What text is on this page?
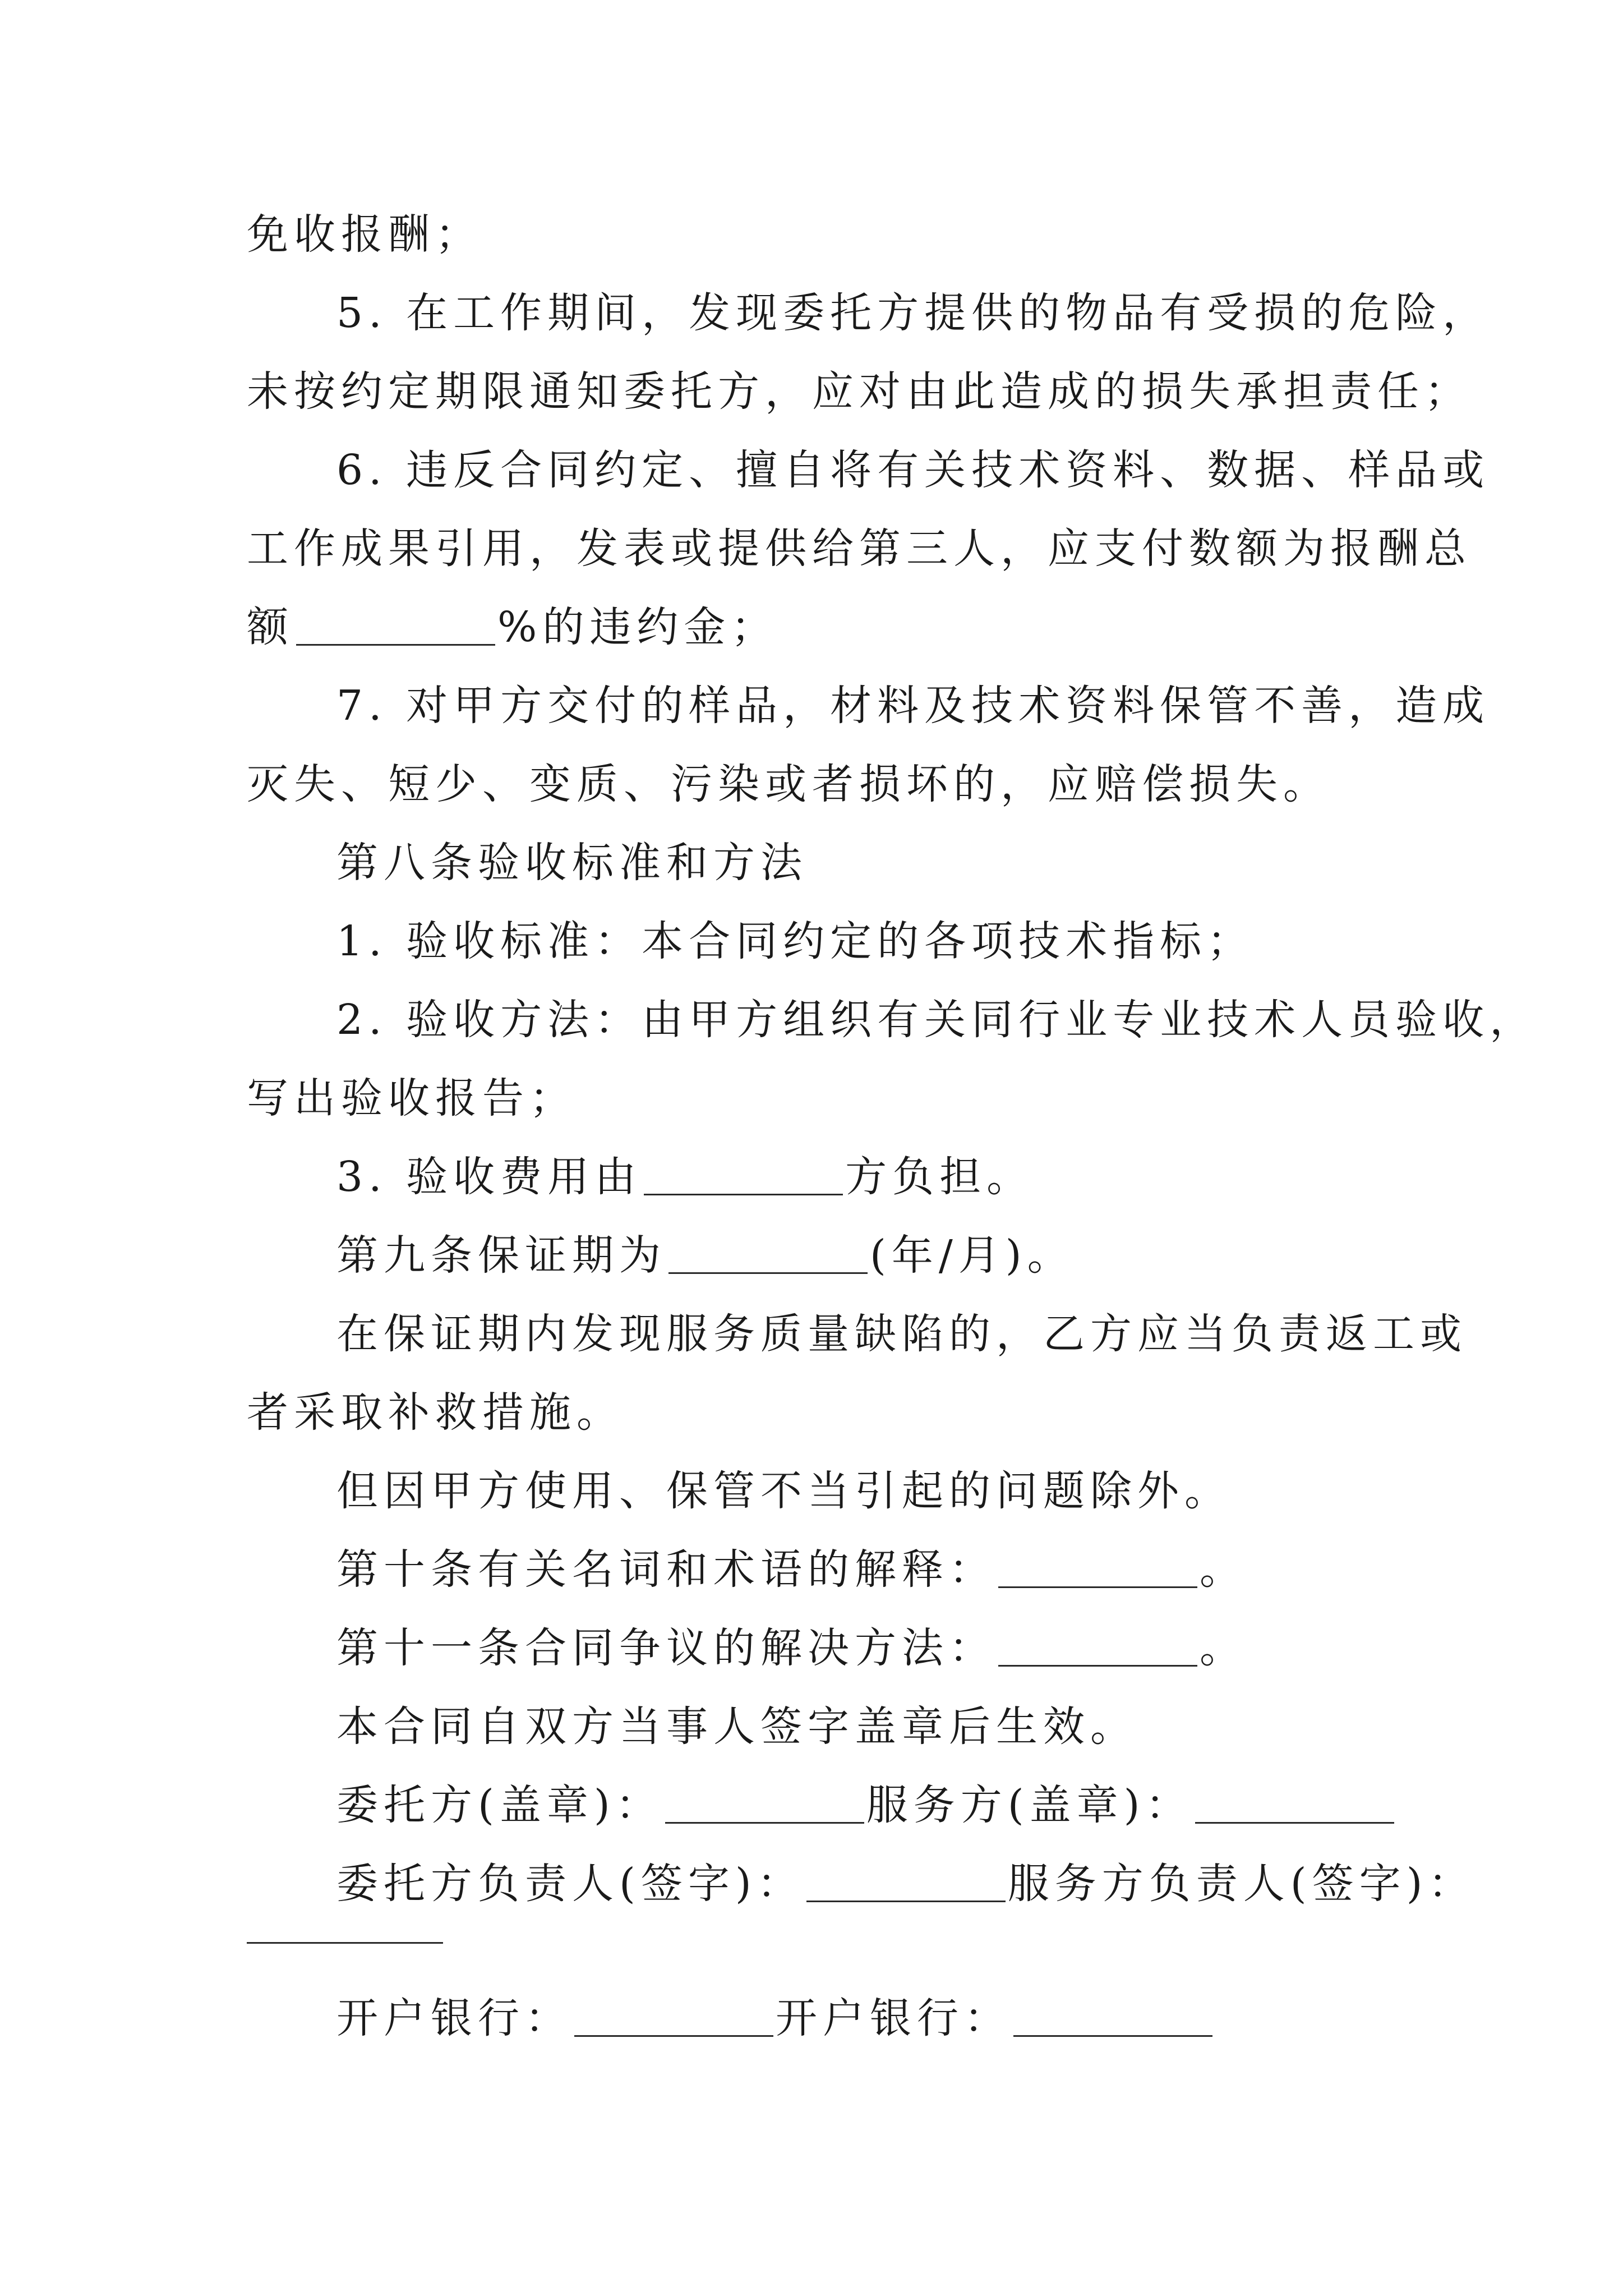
免收报酬；
5. 在工作期间，发现委托方提供的物品有受损的危险，
未按约定期限通知委托方，应对由此造成的损失承担责任；
6. 违反合同约定、擅自将有关技术资料、数据、样品或
工作成果引用，发表或提供给第三人，应支付数额为报酬总
额	%的违约金；
7. 对甲方交付的样品，材料及技术资料保管不善，造成
灭失、短少、变质、污染或者损坏的，应赔偿损失。
第八条验收标准和方法
1. 验收标准：本合同约定的各项技术指标；
2. 验收方法：由甲方组织有关同行业专业技术人员验收，
写出验收报告；
3. 验收费用由	方负担。
第九条保证期为	(年/月)。
在保证期内发现服务质量缺陷的，乙方应当负责返工或
者采取补救措施。
但因甲方使用、保管不当引起的问题除外。
第十条有关名词和术语的解释：	。
第十一条合同争议的解决方法：	。
本合同自双方当事人签字盖章后生效。
委托方(盖章)：	服务方(盖章)：
委托方负责人(签字)：	服务方负责人(签字)：
开户银行：	开户银行：
